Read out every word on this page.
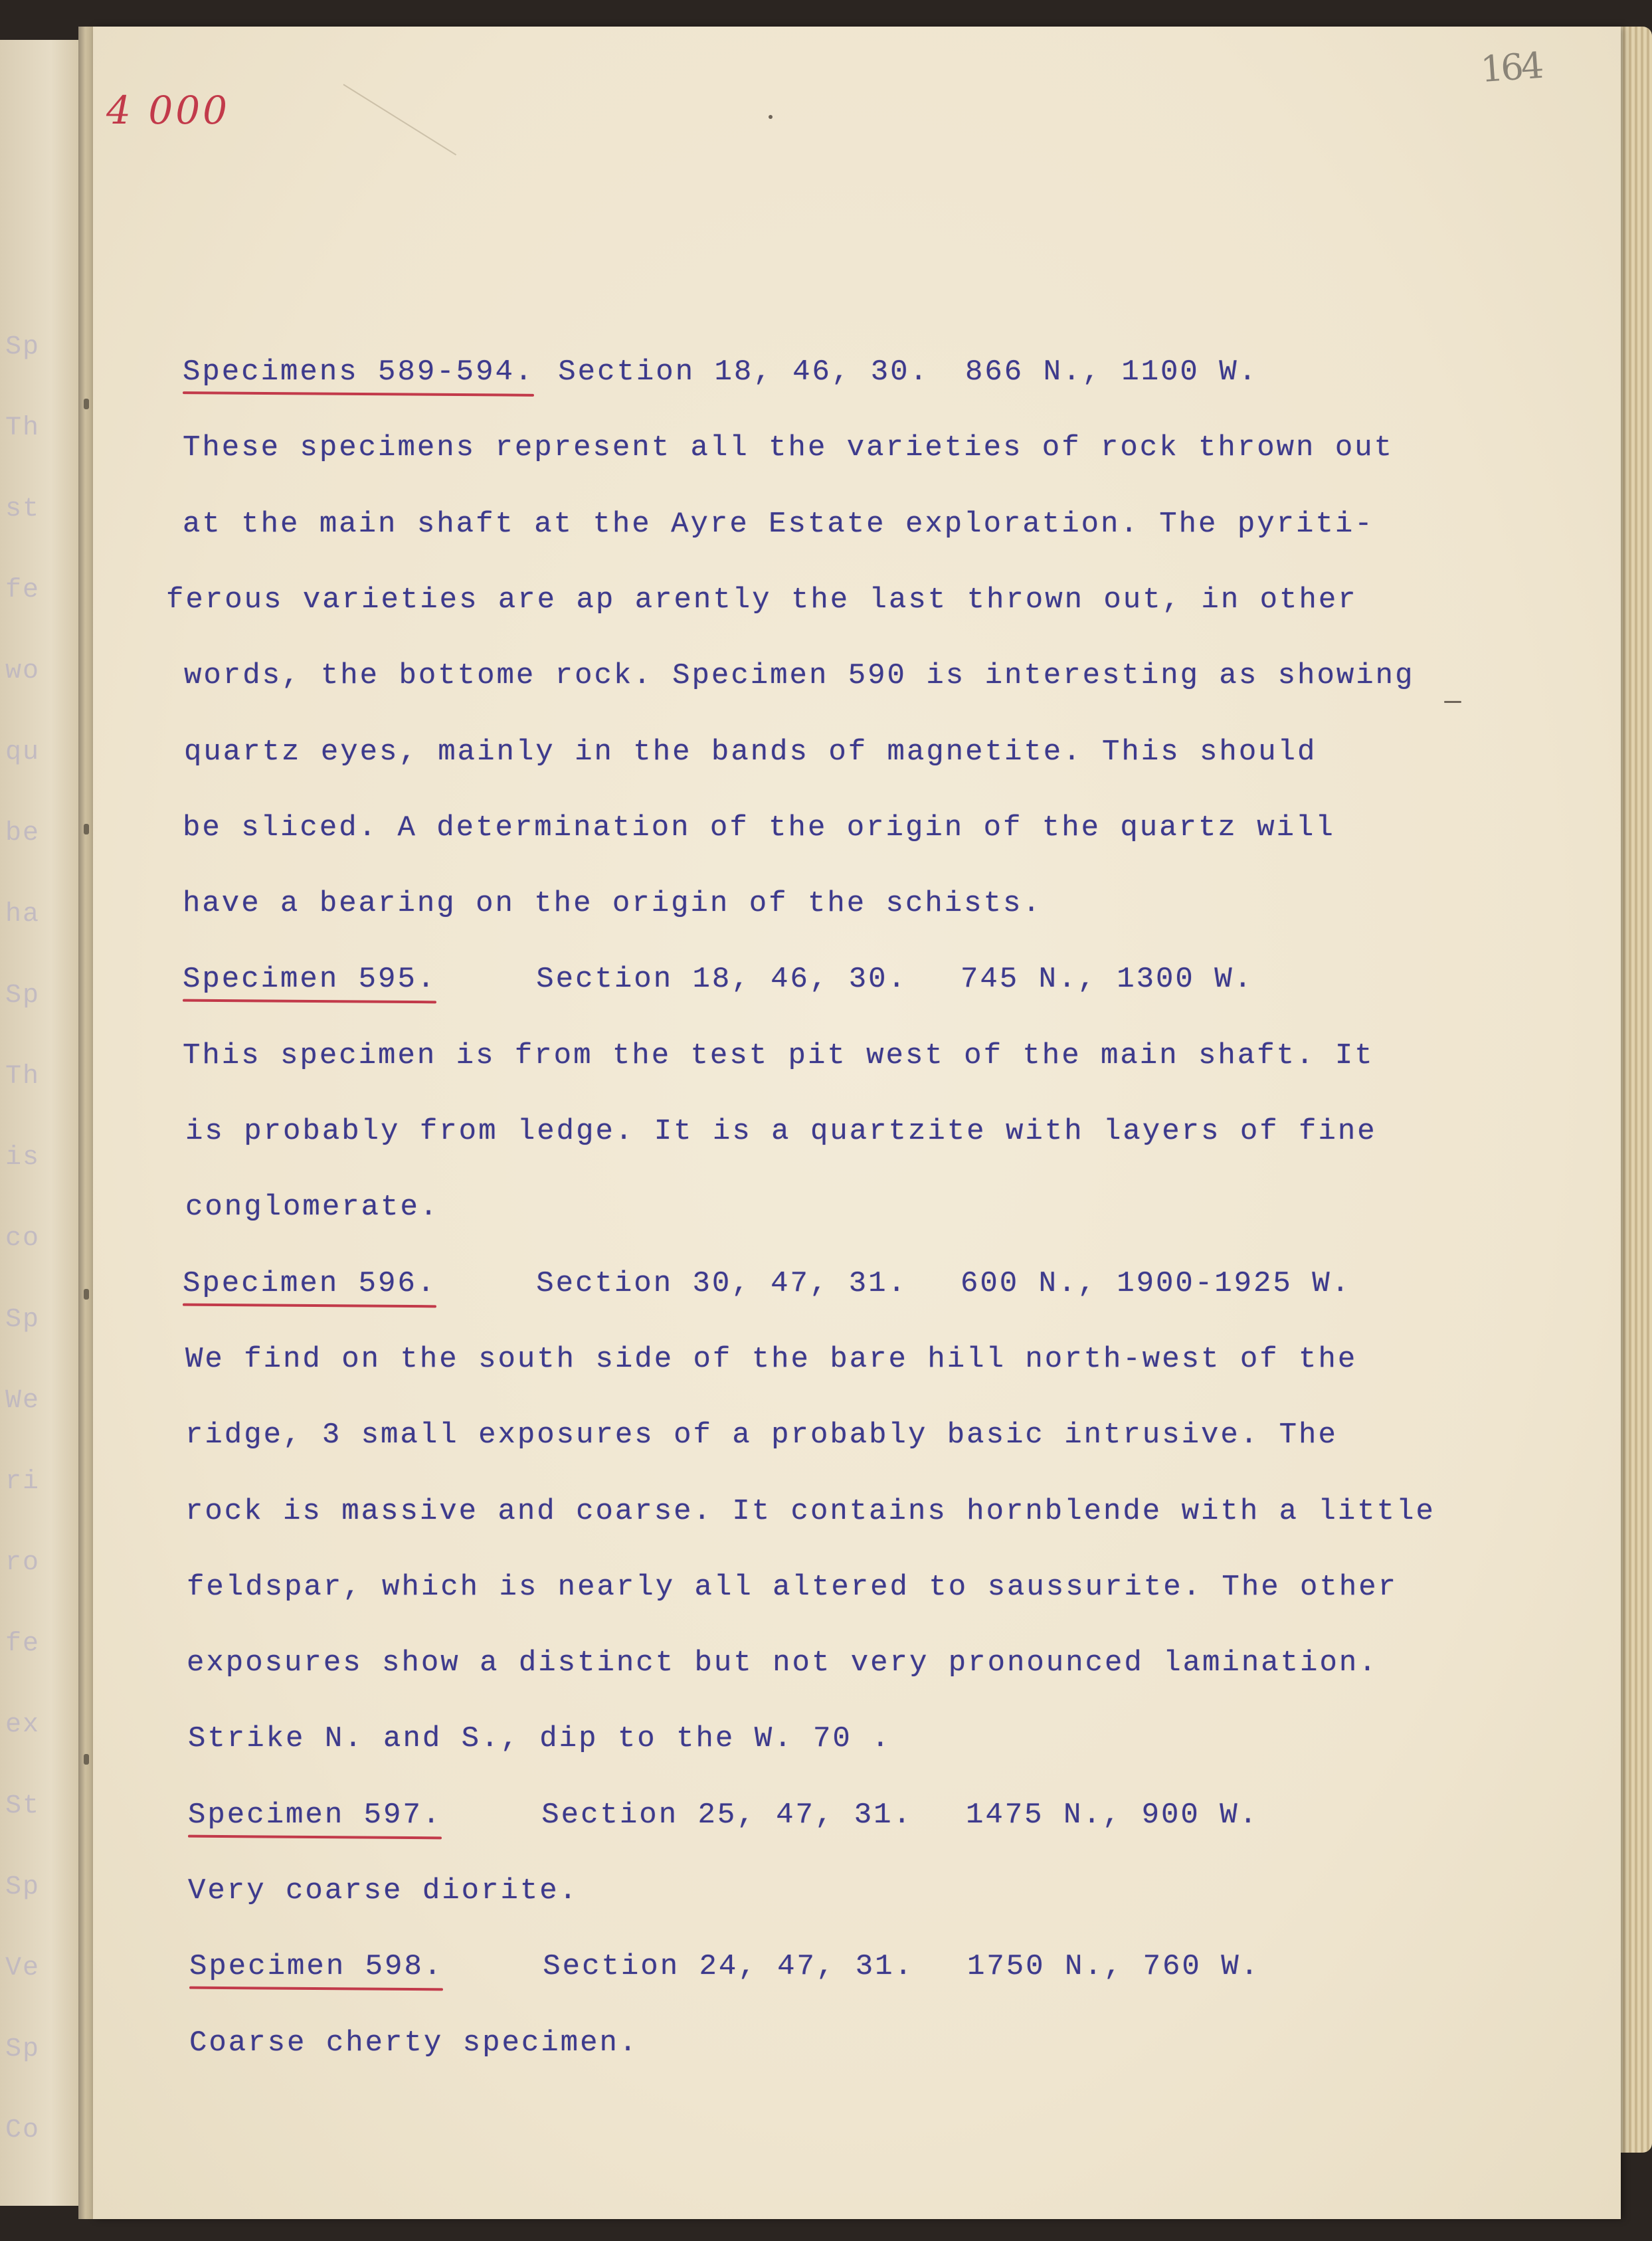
Sp
Th
st
fe
wo
qu
be
ha
Sp
Th
is
co
Sp
We
ri
ro
fe
ex
St
Sp
Ve
Sp
Co
164
4 000
Specimens 589-594. Section 18, 46, 30. 866 N., 1100 W.
These specimens represent all the varieties of rock thrown out
at the main shaft at the Ayre Estate exploration. The pyriti-
ferous varieties are ap arently the last thrown out, in other
words, the bottome rock. Specimen 590 is interesting as showing
quartz eyes, mainly in the bands of magnetite. This should
be sliced. A determination of the origin of the quartz will
have a bearing on the origin of the schists.
Specimen 595.	Section 18, 46, 30. 745 N., 1300 W.
This specimen is from the test pit west of the main shaft. It
is probably from ledge. It is a quartzite with layers of fine
conglomerate.
Specimen 596.	Section 30, 47, 31. 600 N., 1900-1925 W.
We find on the south side of the bare hill north-west of the
ridge, 3 small exposures of a probably basic intrusive. The
rock is massive and coarse. It contains hornblende with a little
feldspar, which is nearly all altered to saussurite. The other
exposures show a distinct but not very pronounced lamination.
Strike N. and S., dip to the W. 70 .
Specimen 597.	Section 25, 47, 31. 1475 N., 900 W.
Very coarse diorite.
Specimen 598.	Section 24, 47, 31. 1750 N., 760 W.
Coarse cherty specimen.
